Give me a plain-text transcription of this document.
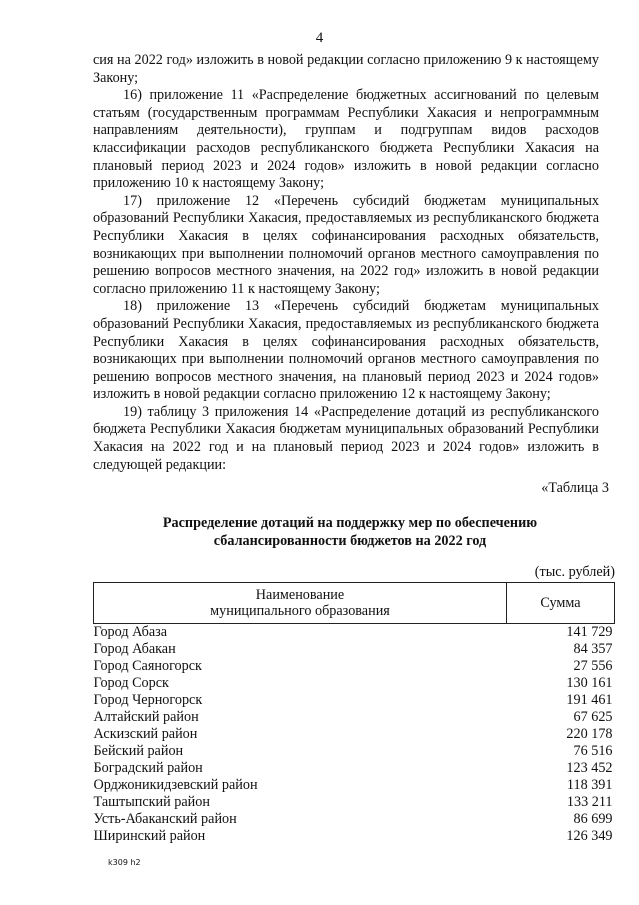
4

сия на 2022 год» изложить в новой редакции согласно приложению 9 к настоящему Закону;

16) приложение 11 «Распределение бюджетных ассигнований по целевым статьям (государственным программам Республики Хакасия и непрограммным направлениям деятельности), группам и подгруппам видов расходов классификации расходов республиканского бюджета Республики Хакасия на плановый период 2023 и 2024 годов» изложить в новой редакции согласно приложению 10 к настоящему Закону;

17) приложение 12 «Перечень субсидий бюджетам муниципальных образований Республики Хакасия, предоставляемых из республиканского бюджета Республики Хакасия в целях софинансирования расходных обязательств, возникающих при выполнении полномочий органов местного самоуправления по решению вопросов местного значения, на 2022 год» изложить в новой редакции согласно приложению 11 к настоящему Закону;

18) приложение 13 «Перечень субсидий бюджетам муниципальных образований Республики Хакасия, предоставляемых из республиканского бюджета Республики Хакасия в целях софинансирования расходных обязательств, возникающих при выполнении полномочий органов местного самоуправления по решению вопросов местного значения, на плановый период 2023 и 2024 годов» изложить в новой редакции согласно приложению 12 к настоящему Закону;

19) таблицу 3 приложения 14 «Распределение дотаций из республиканского бюджета Республики Хакасия бюджетам муниципальных образований Республики Хакасия на 2022 год и на плановый период 2023 и 2024 годов» изложить в следующей редакции:

«Таблица 3
Распределение дотаций на поддержку мер по обеспечению
сбалансированности бюджетов на 2022 год
(тыс. рублей)
Наименование
муниципального образования	Сумма
Город Абаза	141 729
Город Абакан	84 357
Город Саяногорск	27 556
Город Сорск	130 161
Город Черногорск	191 461
Алтайский район	67 625
Аскизский район	220 178
Бейский район	76 516
Боградский район	123 452
Орджоникидзевский район	118 391
Таштыпский район	133 211
Усть-Абаканский район	86 699
Ширинский район	126 349
k309 h2
